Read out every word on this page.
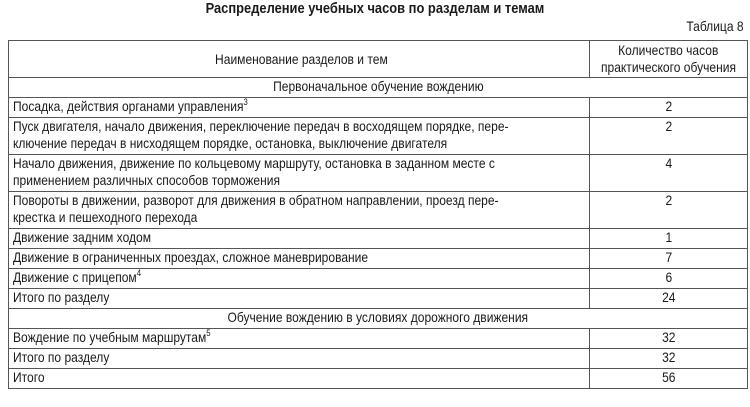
Распределение учебных часов по разделам и темам
Таблица 8
Наименование разделов и тем	Количество часов
практического обучения

Первоначальное обучение вождению	
Посадка, действия органами управления$^3$	2

Пуск двигателя, начало движения, переключение передач в восходящем порядке, пере-
ключение передач в нисходящем порядке, остановка, выключение двигателя	2

Начало движения, движение по кольцевому маршруту, остановка в заданном месте с
применением различных способов торможения	4

Повороты в движении, разворот для движения в обратном направлении, проезд пере-
крестка и пешеходного перехода	2
Движение задним ходом	1
Движение в ограниченных проездах, сложное маневрирование	7
Движение с прицепом$^4$	6
Итого по разделу	24
Обучение вождению в условиях дорожного движения	
Вождение по учебным маршрутам$^5$	32
Итого по разделу	32
Итого	56
